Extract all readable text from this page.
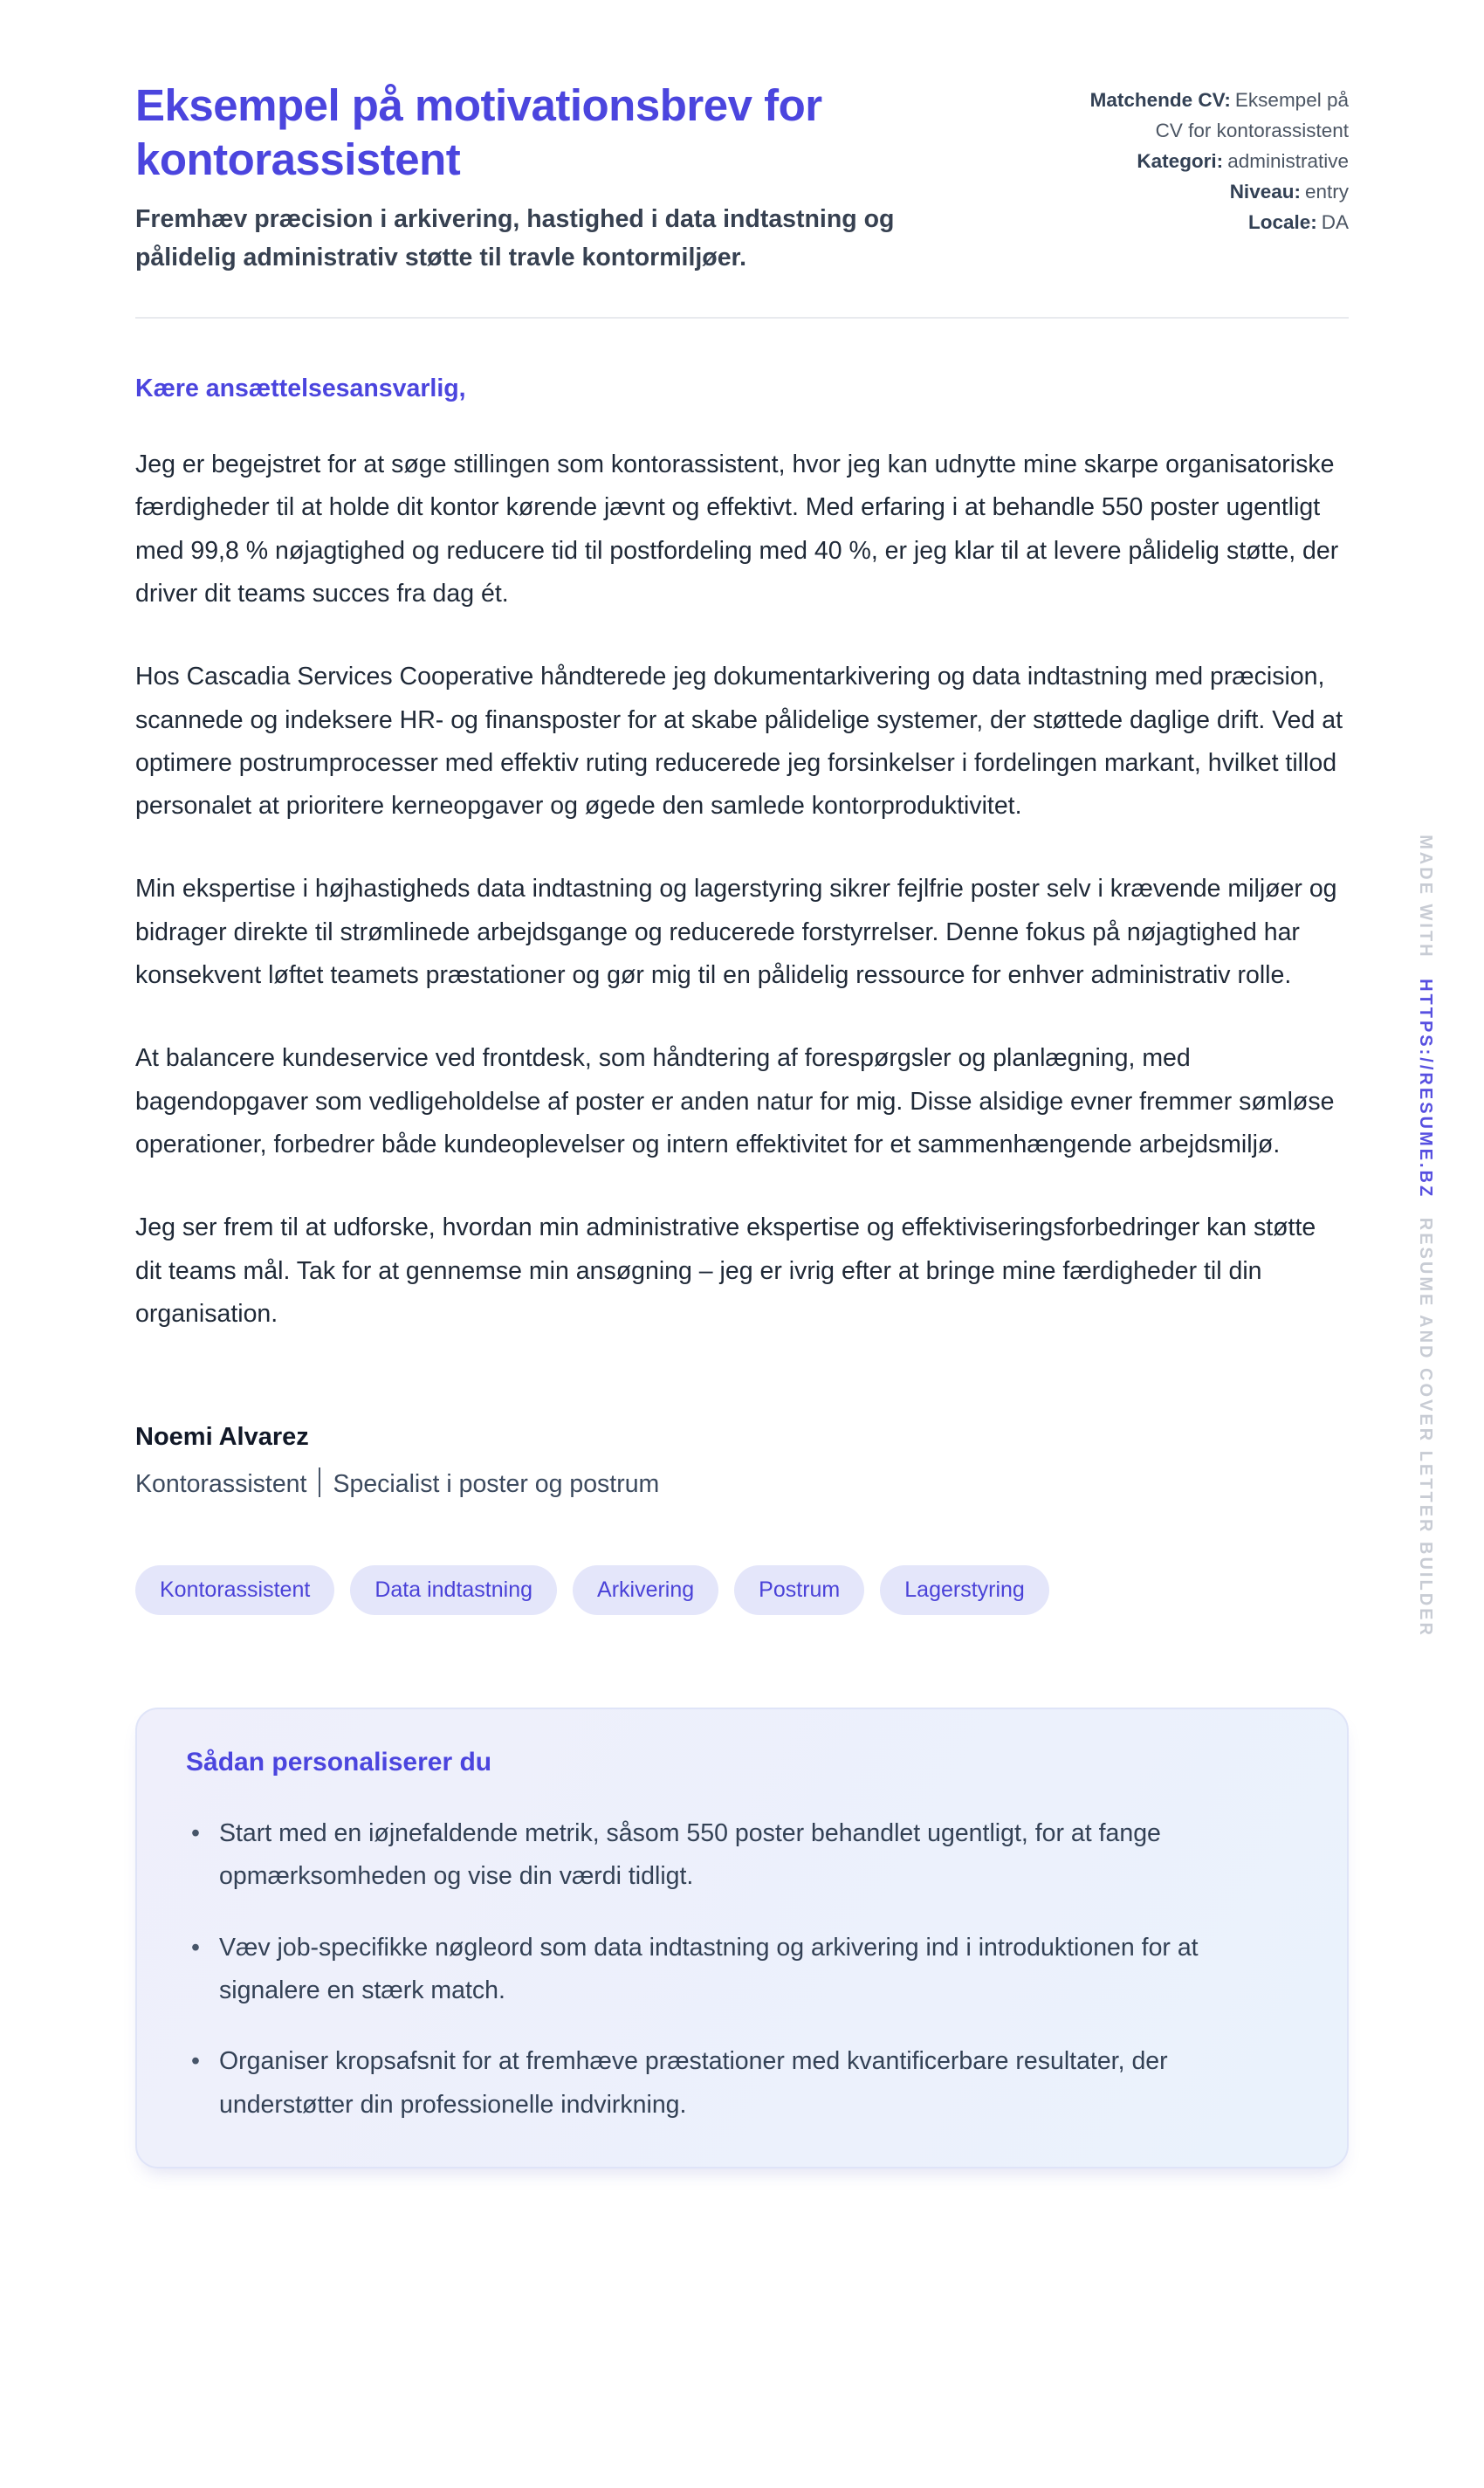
Eksempel på motivationsbrev for kontorassistent

Fremhæv præcision i arkivering, hastighed i data indtastning og pålidelig administrativ støtte til travle kontormiljøer.

Matchende CV: Eksempel på CV for kontorassistent
Kategori: administrative
Niveau: entry
Locale: DA

Kære ansættelsesansvarlig,

Jeg er begejstret for at søge stillingen som kontorassistent, hvor jeg kan udnytte mine skarpe organisatoriske færdigheder til at holde dit kontor kørende jævnt og effektivt. Med erfaring i at behandle 550 poster ugentligt med 99,8 % nøjagtighed og reducere tid til postfordeling med 40 %, er jeg klar til at levere pålidelig støtte, der driver dit teams succes fra dag ét.

Hos Cascadia Services Cooperative håndterede jeg dokumentarkivering og data indtastning med præcision, scannede og indeksere HR- og finansposter for at skabe pålidelige systemer, der støttede daglige drift. Ved at optimere postrumprocesser med effektiv ruting reducerede jeg forsinkelser i fordelingen markant, hvilket tillod personalet at prioritere kerneopgaver og øgede den samlede kontorproduktivitet.

Min ekspertise i højhastigheds data indtastning og lagerstyring sikrer fejlfrie poster selv i krævende miljøer og bidrager direkte til strømlinede arbejdsgange og reducerede forstyrrelser. Denne fokus på nøjagtighed har konsekvent løftet teamets præstationer og gør mig til en pålidelig ressource for enhver administrativ rolle.

At balancere kundeservice ved frontdesk, som håndtering af forespørgsler og planlægning, med bagendopgaver som vedligeholdelse af poster er anden natur for mig. Disse alsidige evner fremmer sømløse operationer, forbedrer både kundeoplevelser og intern effektivitet for et sammenhængende arbejdsmiljø.

Jeg ser frem til at udforske, hvordan min administrative ekspertise og effektiviseringsforbedringer kan støtte dit teams mål. Tak for at gennemse min ansøgning – jeg er ivrig efter at bringe mine færdigheder til din organisation.

Noemi Alvarez

Kontorassistent Specialist i poster og postrum

Kontorassistent	Data indtastning	Arkivering	Postrum	Lagerstyring
Sådan personaliserer du
• Start med en iøjnefaldende metrik, såsom 550 poster behandlet ugentligt, for at fange opmærksomheden og vise din værdi tidligt.
• Væv job-specifikke nøgleord som data indtastning og arkivering ind i introduktionen for at signalere en stærk match.
• Organiser kropsafsnit for at fremhæve præstationer med kvantificerbare resultater, der understøtter din professionelle indvirkning.
MADE WITHHTTPS://RESUME.BZRESUME AND COVER LETTER BUILDER
